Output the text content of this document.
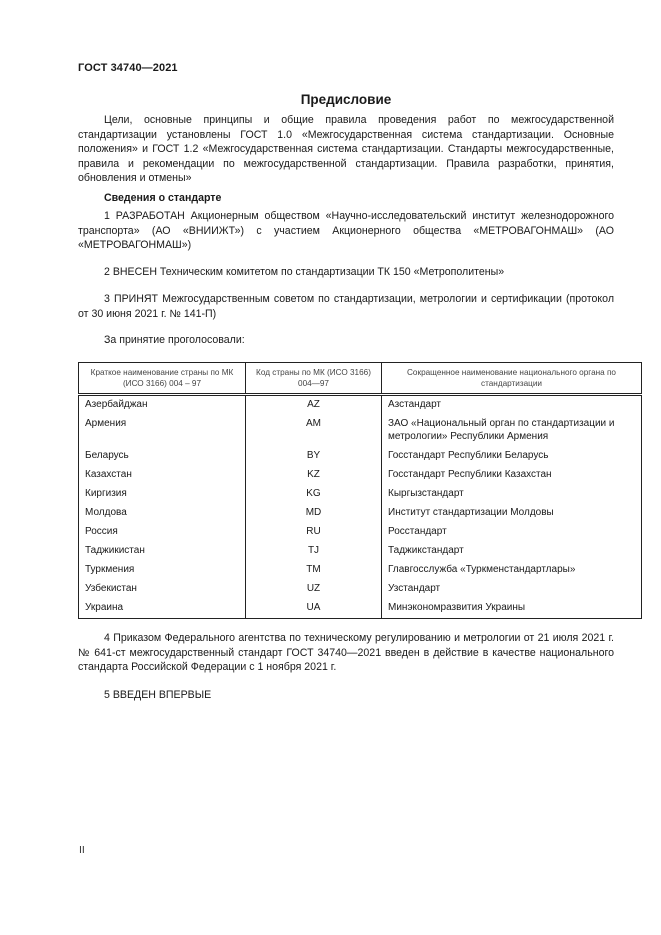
ГОСТ 34740—2021
Предисловие

Цели, основные принципы и общие правила проведения работ по межгосударственной стандартизации установлены ГОСТ 1.0 «Межгосударственная система стандартизации. Основные положения» и ГОСТ 1.2 «Межгосударственная система стандартизации. Стандарты межгосударственные, правила и рекомендации по межгосударственной стандартизации. Правила разработки, принятия, обновления и отмены»

Сведения о стандарте

1 РАЗРАБОТАН Акционерным обществом «Научно-исследовательский институт железнодорожного транспорта» (АО «ВНИИЖТ») с участием Акционерного общества «МЕТРОВАГОНМАШ» (АО «МЕТРОВАГОНМАШ»)

2 ВНЕСЕН Техническим комитетом по стандартизации ТК 150 «Метрополитены»

3 ПРИНЯТ Межгосударственным советом по стандартизации, метрологии и сертификации (протокол от 30 июня 2021 г. № 141-П)

За принятие проголосовали:

Краткое наименование страны по МК (ИСО 3166) 004 – 97	Код страны по МК (ИСО 3166) 004—97	Сокращенное наименование национального органа по стандартизации
Азербайджан	AZ	Азстандарт
Армения	AM	ЗАО «Национальный орган по стандартизации и метрологии» Республики Армения
Беларусь	BY	Госстандарт Республики Беларусь
Казахстан	KZ	Госстандарт Республики Казахстан
Киргизия	KG	Кыргызстандарт
Молдова	MD	Институт стандартизации Молдовы
Россия	RU	Росстандарт
Таджикистан	TJ	Таджикстандарт
Туркмения	TM	Главгосслужба «Туркменстандартлары»
Узбекистан	UZ	Узстандарт
Украина	UA	Минэкономразвития Украины

4 Приказом Федерального агентства по техническому регулированию и метрологии от 21 июля 2021 г. № 641-ст межгосударственный стандарт ГОСТ 34740—2021 введен в действие в качестве национального стандарта Российской Федерации с 1 ноября 2021 г.

5 ВВЕДЕН ВПЕРВЫЕ

II
